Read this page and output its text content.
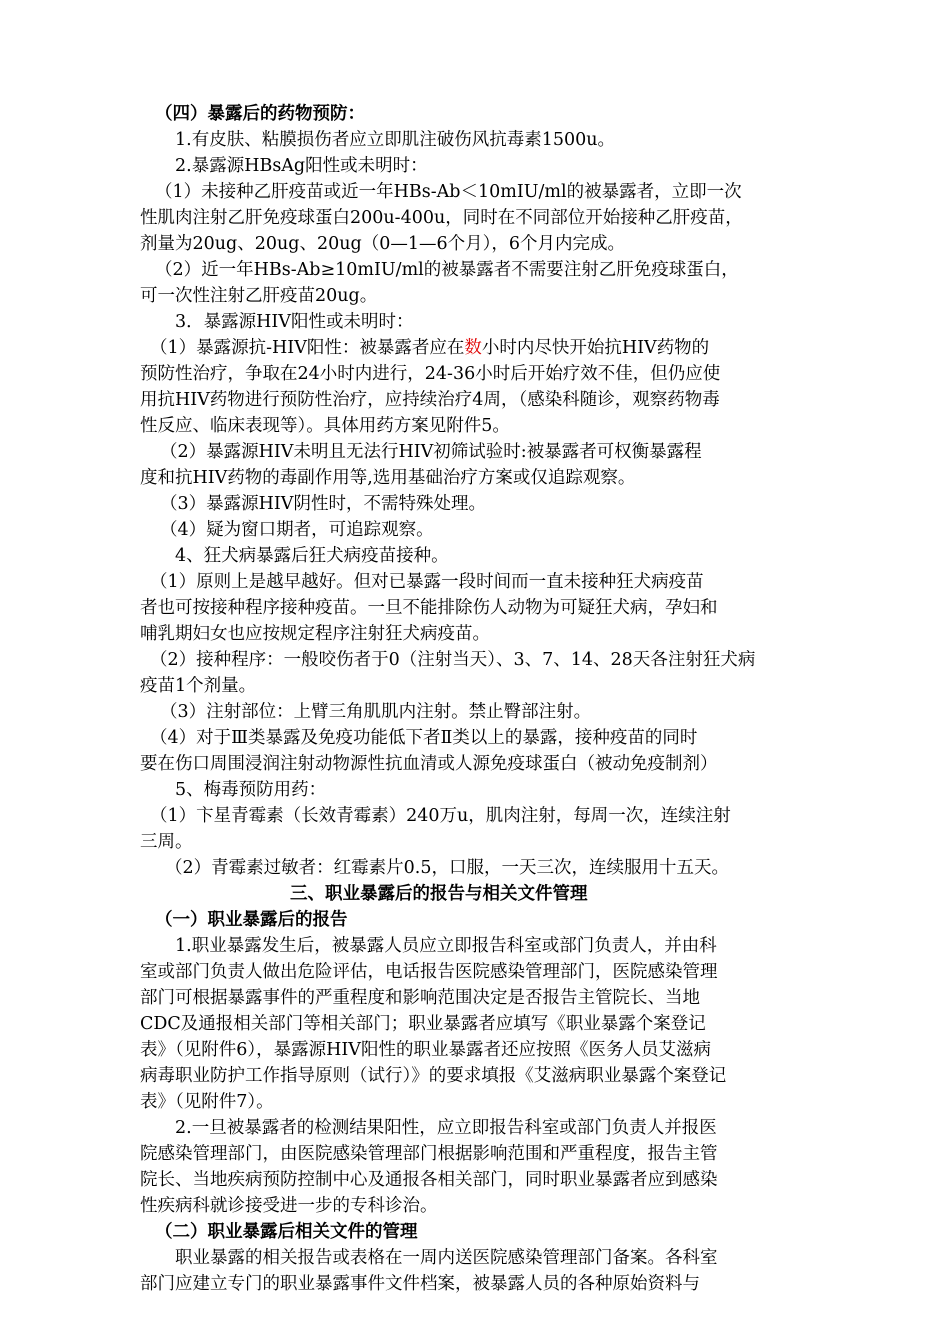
（四）暴露后的药物预防：
1.有皮肤、粘膜损伤者应立即肌注破伤风抗毒素1500u。
2.暴露源HBsAg阳性或未明时：
（1）未接种乙肝疫苗或近一年HBs-Ab＜10mIU/ml的被暴露者，立即一次
性肌肉注射乙肝免疫球蛋白200u-400u，同时在不同部位开始接种乙肝疫苗，
剂量为20ug、20ug、20ug（0—1—6个月），6个月内完成。
（2）近一年HBs-Ab≥10mIU/ml的被暴露者不需要注射乙肝免疫球蛋白，
可一次性注射乙肝疫苗20ug。
3．暴露源HIV阳性或未明时：
（1）暴露源抗-HIV阳性：被暴露者应在数小时内尽快开始抗HIV药物的
预防性治疗，争取在24小时内进行，24-36小时后开始疗效不佳，但仍应使
用抗HIV药物进行预防性治疗，应持续治疗4周，（感染科随诊，观察药物毒
性反应、临床表现等）。具体用药方案见附件5。
（2）暴露源HIV未明且无法行HIV初筛试验时:被暴露者可权衡暴露程
度和抗HIV药物的毒副作用等,选用基础治疗方案或仅追踪观察。
（3）暴露源HIV阴性时，不需特殊处理。
（4）疑为窗口期者，可追踪观察。
4、狂犬病暴露后狂犬病疫苗接种。
（1）原则上是越早越好。但对已暴露一段时间而一直未接种狂犬病疫苗
者也可按接种程序接种疫苗。一旦不能排除伤人动物为可疑狂犬病，孕妇和
哺乳期妇女也应按规定程序注射狂犬病疫苗。
（2）接种程序：一般咬伤者于0（注射当天）、3、7、14、28天各注射狂犬病
疫苗1个剂量。
（3）注射部位：上臂三角肌肌内注射。禁止臀部注射。
（4）对于Ⅲ类暴露及免疫功能低下者Ⅱ类以上的暴露，接种疫苗的同时
要在伤口周围浸润注射动物源性抗血清或人源免疫球蛋白（被动免疫制剂）
5、梅毒预防用药：
（1）卞星青霉素（长效青霉素）240万u，肌肉注射，每周一次，连续注射
三周。
（2）青霉素过敏者：红霉素片0.5，口服，一天三次，连续服用十五天。
三、职业暴露后的报告与相关文件管理
（一）职业暴露后的报告
1.职业暴露发生后，被暴露人员应立即报告科室或部门负责人，并由科
室或部门负责人做出危险评估，电话报告医院感染管理部门，医院感染管理
部门可根据暴露事件的严重程度和影响范围决定是否报告主管院长、当地
CDC及通报相关部门等相关部门；职业暴露者应填写《职业暴露个案登记
表》（见附件6），暴露源HIV阳性的职业暴露者还应按照《医务人员艾滋病
病毒职业防护工作指导原则（试行）》的要求填报《艾滋病职业暴露个案登记
表》（见附件7）。
2.一旦被暴露者的检测结果阳性，应立即报告科室或部门负责人并报医
院感染管理部门，由医院感染管理部门根据影响范围和严重程度，报告主管
院长、当地疾病预防控制中心及通报各相关部门，同时职业暴露者应到感染
性疾病科就诊接受进一步的专科诊治。
（二）职业暴露后相关文件的管理
职业暴露的相关报告或表格在一周内送医院感染管理部门备案。各科室
部门应建立专门的职业暴露事件文件档案，被暴露人员的各种原始资料与
